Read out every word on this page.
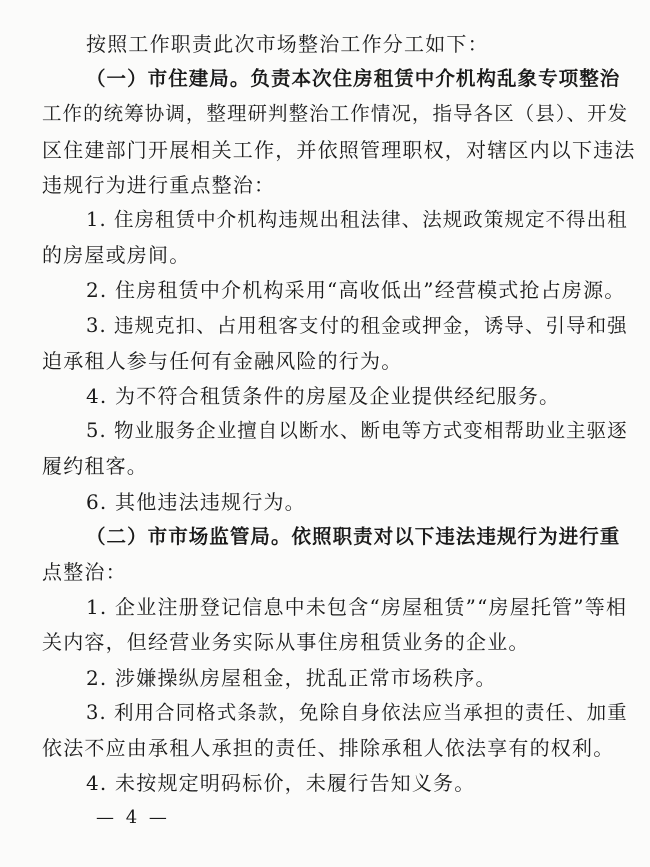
按照工作职责此次市场整治工作分工如下：
（一）市住建局。负责本次住房租赁中介机构乱象专项整治
工作的统筹协调，整理研判整治工作情况，指导各区（县）、开发
区住建部门开展相关工作，并依照管理职权，对辖区内以下违法
违规行为进行重点整治：
1. 住房租赁中介机构违规出租法律、法规政策规定不得出租
的房屋或房间。
2. 住房租赁中介机构采用“高收低出”经营模式抢占房源。
3. 违规克扣、占用租客支付的租金或押金，诱导、引导和强
迫承租人参与任何有金融风险的行为。
4. 为不符合租赁条件的房屋及企业提供经纪服务。
5. 物业服务企业擅自以断水、断电等方式变相帮助业主驱逐
履约租客。
6. 其他违法违规行为。
（二）市市场监管局。依照职责对以下违法违规行为进行重
点整治：
1. 企业注册登记信息中未包含“房屋租赁”“房屋托管”等相
关内容，但经营业务实际从事住房租赁业务的企业。
2. 涉嫌操纵房屋租金，扰乱正常市场秩序。
3. 利用合同格式条款，免除自身依法应当承担的责任、加重
依法不应由承租人承担的责任、排除承租人依法享有的权利。
4. 未按规定明码标价，未履行告知义务。
— 4 —
